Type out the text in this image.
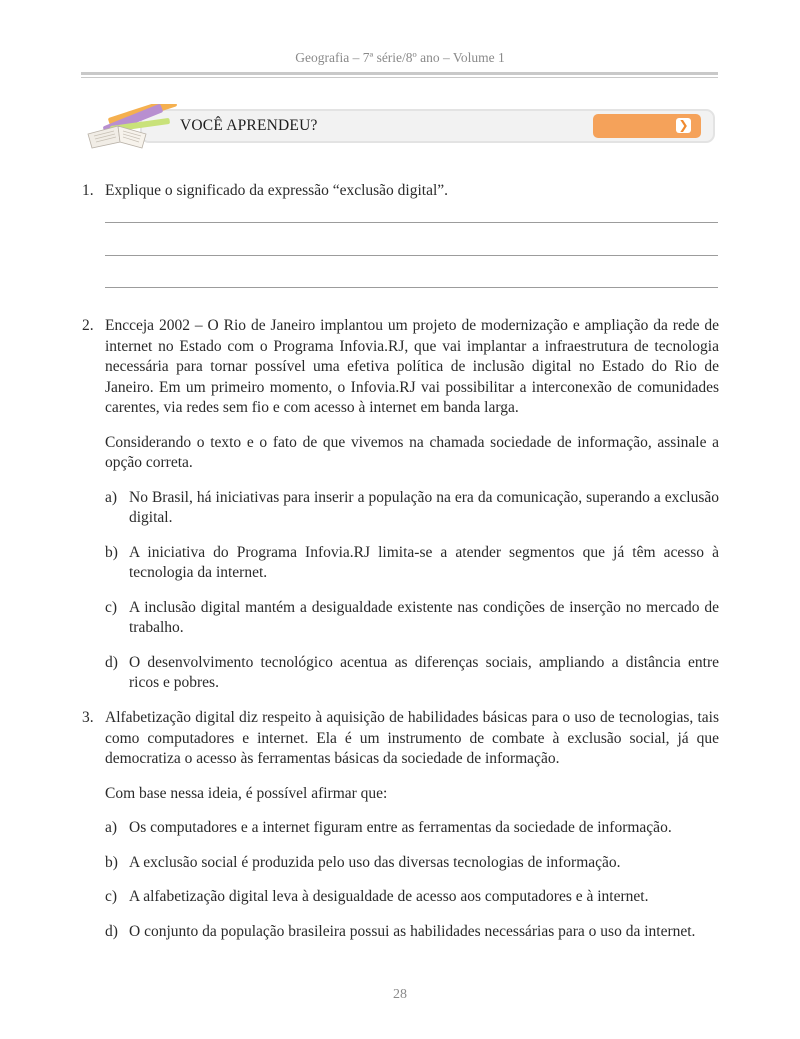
Geografia – 7ª série/8º ano – Volume 1
❯
VOCÊ APRENDEU?
1. Explique o significado da expressão “exclusão digital”.

2. Encceja 2002 – O Rio de Janeiro implantou um projeto de modernização e ampliação da rede de internet no Estado com o Programa Infovia.RJ, que vai implantar a infraestrutura de tecnologia necessária para tornar possível uma efetiva política de inclusão digital no Estado do Rio de Janeiro. Em um primeiro momento, o Infovia.RJ vai possibilitar a interconexão de comunidades carentes, via redes sem fio e com acesso à internet em banda larga.

Considerando o texto e o fato de que vivemos na chamada sociedade de informação, assinale a opção correta.

a) No Brasil, há iniciativas para inserir a população na era da comunicação, superando a exclusão digital.
b) A iniciativa do Programa Infovia.RJ limita-se a atender segmentos que já têm acesso à tecnologia da internet.
c) A inclusão digital mantém a desigualdade existente nas condições de inserção no mercado de trabalho.
d) O desenvolvimento tecnológico acentua as diferenças sociais, ampliando a distância entre ricos e pobres.
3. Alfabetização digital diz respeito à aquisição de habilidades básicas para o uso de tecnologias, tais como computadores e internet. Ela é um instrumento de combate à exclusão social, já que democratiza o acesso às ferramentas básicas da sociedade de informação.

Com base nessa ideia, é possível afirmar que:

a) Os computadores e a internet figuram entre as ferramentas da sociedade de informação.
b) A exclusão social é produzida pelo uso das diversas tecnologias de informação.
c) A alfabetização digital leva à desigualdade de acesso aos computadores e à internet.
d) O conjunto da população brasileira possui as habilidades necessárias para o uso da internet.
28
